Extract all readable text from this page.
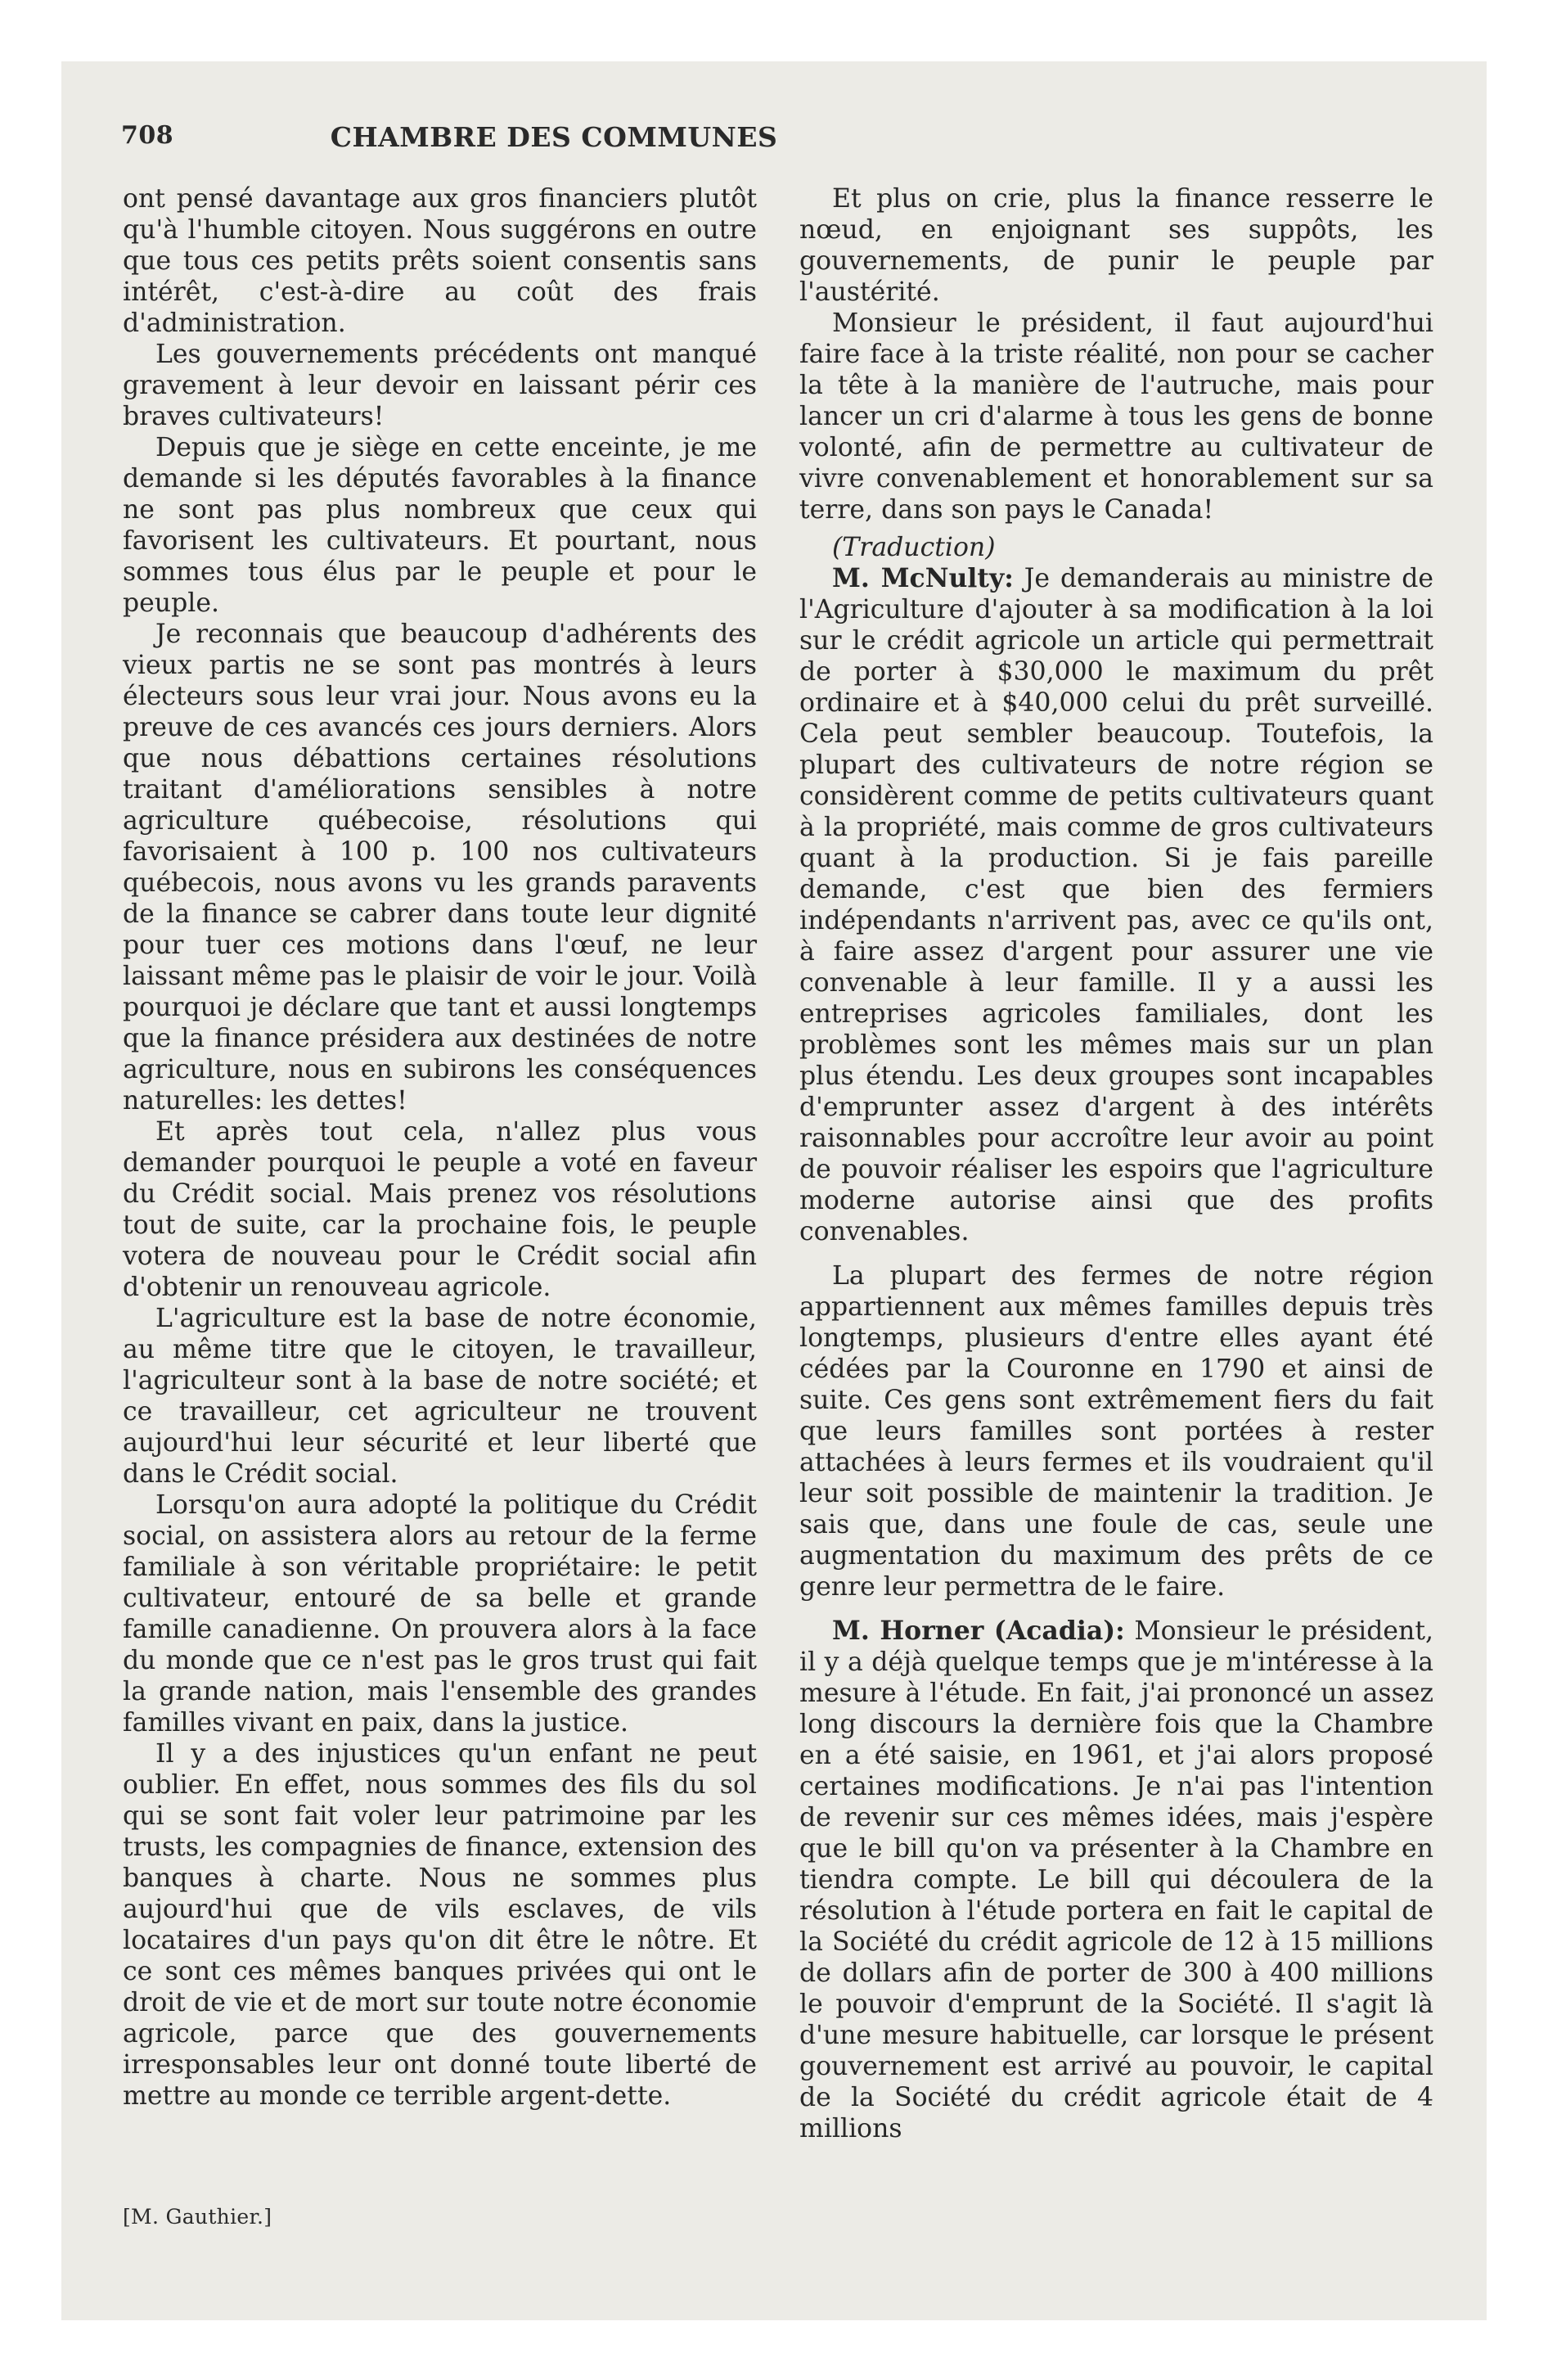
708	CHAMBRE DES COMMUNES

ont pensé davantage aux gros financiers plutôt qu'à l'humble citoyen. Nous suggérons en outre que tous ces petits prêts soient consentis sans intérêt, c'est-à-dire au coût des frais d'administration.

Les gouvernements précédents ont manqué gravement à leur devoir en laissant périr ces braves cultivateurs!

Depuis que je siège en cette enceinte, je me demande si les députés favorables à la finance ne sont pas plus nombreux que ceux qui favorisent les cultivateurs. Et pourtant, nous sommes tous élus par le peuple et pour le peuple.

Je reconnais que beaucoup d'adhérents des vieux partis ne se sont pas montrés à leurs électeurs sous leur vrai jour. Nous avons eu la preuve de ces avancés ces jours derniers. Alors que nous débattions certaines résolutions traitant d'améliorations sensibles à notre agriculture québecoise, résolutions qui favorisaient à 100 p. 100 nos cultivateurs québecois, nous avons vu les grands paravents de la finance se cabrer dans toute leur dignité pour tuer ces motions dans l'œuf, ne leur laissant même pas le plaisir de voir le jour. Voilà pourquoi je déclare que tant et aussi longtemps que la finance présidera aux destinées de notre agriculture, nous en subirons les conséquences naturelles: les dettes!

Et après tout cela, n'allez plus vous demander pourquoi le peuple a voté en faveur du Crédit social. Mais prenez vos résolutions tout de suite, car la prochaine fois, le peuple votera de nouveau pour le Crédit social afin d'obtenir un renouveau agricole.

L'agriculture est la base de notre économie, au même titre que le citoyen, le travailleur, l'agriculteur sont à la base de notre société; et ce travailleur, cet agriculteur ne trouvent aujourd'hui leur sécurité et leur liberté que dans le Crédit social.

Lorsqu'on aura adopté la politique du Crédit social, on assistera alors au retour de la ferme familiale à son véritable propriétaire: le petit cultivateur, entouré de sa belle et grande famille canadienne. On prouvera alors à la face du monde que ce n'est pas le gros trust qui fait la grande nation, mais l'ensemble des grandes familles vivant en paix, dans la justice.

Il y a des injustices qu'un enfant ne peut oublier. En effet, nous sommes des fils du sol qui se sont fait voler leur patrimoine par les trusts, les compagnies de finance, extension des banques à charte. Nous ne sommes plus aujourd'hui que de vils esclaves, de vils locataires d'un pays qu'on dit être le nôtre. Et ce sont ces mêmes banques privées qui ont le droit de vie et de mort sur toute notre économie agricole, parce que des gouvernements irresponsables leur ont donné toute liberté de mettre au monde ce terrible argent-dette.

Et plus on crie, plus la finance resserre le nœud, en enjoignant ses suppôts, les gouvernements, de punir le peuple par l'austérité.

Monsieur le président, il faut aujourd'hui faire face à la triste réalité, non pour se cacher la tête à la manière de l'autruche, mais pour lancer un cri d'alarme à tous les gens de bonne volonté, afin de permettre au cultivateur de vivre convenablement et honorablement sur sa terre, dans son pays le Canada!

(Traduction)

M. McNulty: Je demanderais au ministre de l'Agriculture d'ajouter à sa modification à la loi sur le crédit agricole un article qui permettrait de porter à $30,000 le maximum du prêt ordinaire et à $40,000 celui du prêt surveillé. Cela peut sembler beaucoup. Toutefois, la plupart des cultivateurs de notre région se considèrent comme de petits cultivateurs quant à la propriété, mais comme de gros cultivateurs quant à la production. Si je fais pareille demande, c'est que bien des fermiers indépendants n'arrivent pas, avec ce qu'ils ont, à faire assez d'argent pour assurer une vie convenable à leur famille. Il y a aussi les entreprises agricoles familiales, dont les problèmes sont les mêmes mais sur un plan plus étendu. Les deux groupes sont incapables d'emprunter assez d'argent à des intérêts raisonnables pour accroître leur avoir au point de pouvoir réaliser les espoirs que l'agriculture moderne autorise ainsi que des profits convenables.

La plupart des fermes de notre région appartiennent aux mêmes familles depuis très longtemps, plusieurs d'entre elles ayant été cédées par la Couronne en 1790 et ainsi de suite. Ces gens sont extrêmement fiers du fait que leurs familles sont portées à rester attachées à leurs fermes et ils voudraient qu'il leur soit possible de maintenir la tradition. Je sais que, dans une foule de cas, seule une augmentation du maximum des prêts de ce genre leur permettra de le faire.

M. Horner (Acadia): Monsieur le président, il y a déjà quelque temps que je m'intéresse à la mesure à l'étude. En fait, j'ai prononcé un assez long discours la dernière fois que la Chambre en a été saisie, en 1961, et j'ai alors proposé certaines modifications. Je n'ai pas l'intention de revenir sur ces mêmes idées, mais j'espère que le bill qu'on va présenter à la Chambre en tiendra compte. Le bill qui découlera de la résolution à l'étude portera en fait le capital de la Société du crédit agricole de 12 à 15 millions de dollars afin de porter de 300 à 400 millions le pouvoir d'emprunt de la Société. Il s'agit là d'une mesure habituelle, car lorsque le présent gouvernement est arrivé au pouvoir, le capital de la Société du crédit agricole était de 4 millions

[M. Gauthier.]
